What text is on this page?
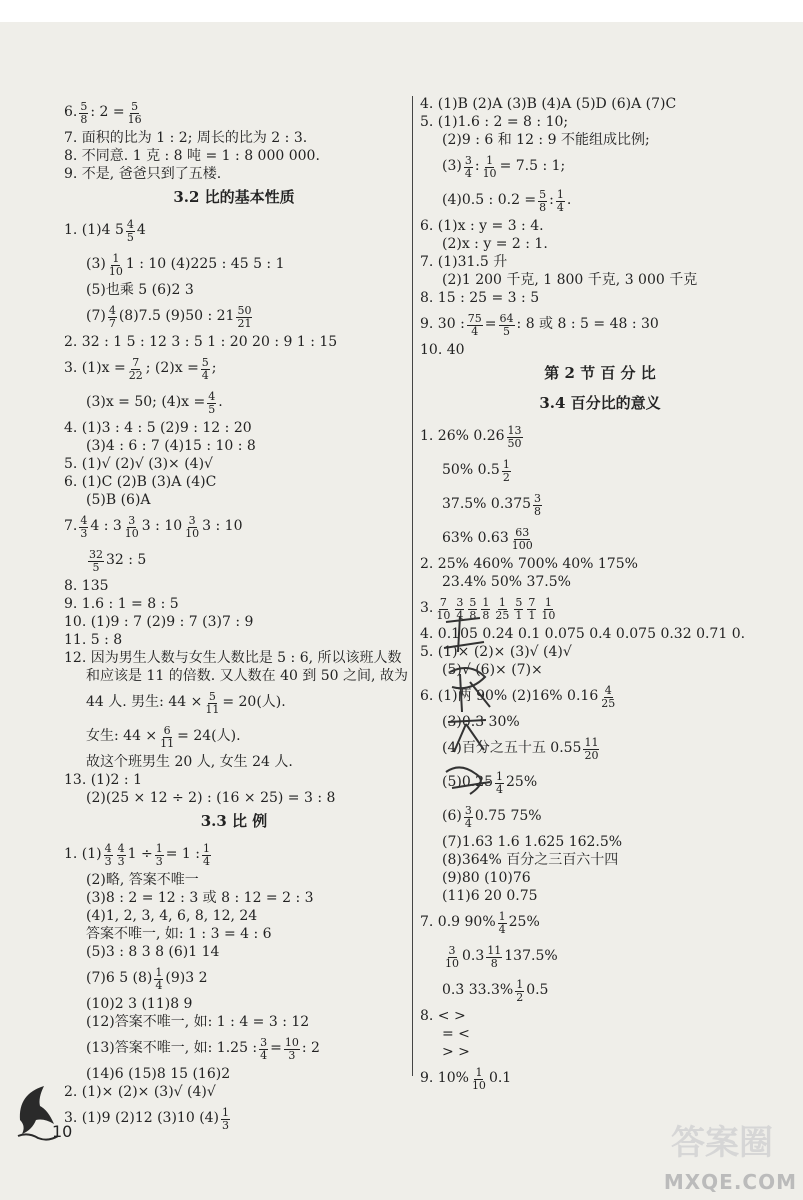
6. $\frac{5}{8}$ : $2 = \frac{5}{16}$
7. 面积的比为 1 : 2; 周长的比为 2 : 3.
8. 不同意. 1 克 : 8 吨 = 1 : 8 000 000.
9. 不是, 爸爸只到了五楼.
3.2 比的基本性质
1. (1)4 $5 \frac{4}{5} 4$
$(3) \frac{1}{10} 1$ : 10 (4)225 : 45 5 : 1
(5)也乘 5 (6)2 3
$(7) \frac{4}{7} (8)7.5$ (9)50 : $21 \frac{50}{21}$
2. 32 : 1 5 : 12 3 : 5 1 : 20 20 : 9 1 : 15
3. $(1)x = \frac{7}{22}$ ; $(2)x = \frac{5}{4}$ ;
(3)x = 50; $(4)x = \frac{4}{5}$ .
4. (1)3 : 4 : 5 (2)9 : 12 : 20
(3)4 : 6 : 7 (4)15 : 10 : 8
5. (1)√ (2)√ (3)× (4)√
6. (1)C (2)B (3)A (4)C
(5)B (6)A
7. $\frac{4}{3} 4$ : $3 \frac{3}{10} 3$ : $10 \frac{3}{10} 3$ : 10
$\frac{32}{5} 32$ : 5
8. 135
9. 1.6 : 1 = 8 : 5
10. (1)9 : 7 (2)9 : 7 (3)7 : 9
11. 5 : 8
12. 因为男生人数与女生人数比是 5 : 6, 所以该班人数
和应该是 11 的倍数. 又人数在 40 到 50 之间, 故为
44 人. 男生: $44 \times \frac{5}{11} = 20$(人).
女生: $44 \times \frac{6}{11} = 24$(人).
故这个班男生 20 人, 女生 24 人.
13. (1)2 : 1
(2)(25 × 12 ÷ 2) : (16 × 25) = 3 : 8
3.3 比 例
1. $(1) \frac{4}{3} \frac{4}{3} 1 \div \frac{1}{3} = 1$ : $\frac{1}{4}$
(2)略, 答案不唯一
(3)8 : 2 = 12 : 3 或 8 : 12 = 2 : 3
(4)1, 2, 3, 4, 6, 8, 12, 24
答案不唯一, 如: 1 : 3 = 4 : 6
(5)3 : 8 3 8 (6)1 14
(7)6 5 $(8) \frac{1}{4} (9)3$ 2
(10)2 3 (11)8 9
(12)答案不唯一, 如: 1 : 4 = 3 : 12
(13)答案不唯一, 如: 1.25 : $\frac{3}{4} = \frac{10}{3}$ : 2
(14)6 (15)8 15 (16)2
2. (1)× (2)× (3)√ (4)√
3. (1)9 (2)12 (3)10 $(4) \frac{1}{3}$
4. (1)B (2)A (3)B (4)A (5)D (6)A (7)C
5. (1)1.6 : 2 = 8 : 10;
(2)9 : 6 和 12 : 9 不能组成比例;
$(3) \frac{3}{4}$ : $\frac{1}{10} = 7.5$ : 1;
(4)0.5 : $0.2 = \frac{5}{8}$ : $\frac{1}{4}$ .
6. (1)x : y = 3 : 4.
(2)x : y = 2 : 1.
7. (1)31.5 升
(2)1 200 千克, 1 800 千克, 3 000 千克
8. 15 : 25 = 3 : 5
9. 30 : $\frac{75}{4} = \frac{64}{5}$ : 8 或 8 : 5 = 48 : 30
10. 40
第 2 节 百 分 比
3.4 百分比的意义
1. 26% $0.26 \frac{13}{50}$
50% $0.5 \frac{1}{2}$
37.5% $0.375 \frac{3}{8}$
63% $0.63 \frac{63}{100}$
2. 25% 460% 700% 40% 175%
23.4% 50% 37.5%
3. $\frac{7}{10} \frac{3}{4} \frac{5}{8} \frac{1}{8} \frac{1}{25} \frac{5}{1} \frac{7}{1} \frac{1}{10}$
4. 0.105 0.24 0.1 0.075 0.4 0.075 0.32 0.71 0.
5. (1)× (2)× (3)√ (4)√
(5)√ (6)× (7)×
6. (1)两 90% (2)16% $0.16 \frac{4}{25}$
(3)0.3 30%
(4)百分之五十五 $0.55 \frac{11}{20}$
$(5)0.25 \frac{1}{4} 25\%$
$(6) \frac{3}{4} 0.75$ 75%
(7)1.63 1.6 1.625 162.5%
(8)364% 百分之三百六十四
(9)80 (10)76
(11)6 20 0.75
7. 0.9 $90\% \frac{1}{4} 25\%$
$\frac{3}{10} 0.3 \frac{11}{8} 137.5\%$
0.3̇ $33.3\% \frac{1}{2} 0.5$
8. < >
= <
> >
9. $10\% \frac{1}{10} 0.1$
10	答案圈
MXQE.COM
